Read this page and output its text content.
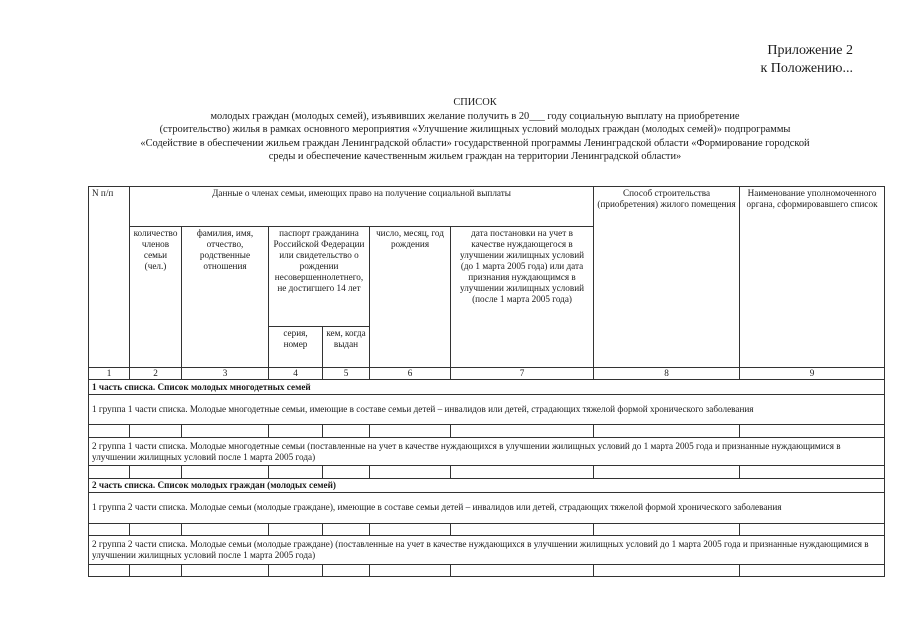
Приложение 2
к Положению...
СПИСОК
молодых граждан (молодых семей), изъявивших желание получить в 20___ году социальную выплату на приобретение
(строительство) жилья в рамках основного мероприятия «Улучшение жилищных условий молодых граждан (молодых семей)» подпрограммы
«Содействие в обеспечении жильем граждан Ленинградской области» государственной программы Ленинградской области «Формирование городской
среды и обеспечение качественным жильем граждан на территории Ленинградской области»
N п/п	Данные о членах семьи, имеющих право на получение социальной выплаты						Способ строительства (приобретения) жилого помещения	Наименование уполномоченного органа, сформировавшего список
	количество членов семьи (чел.)	фамилия, имя, отчество, родственные отношения	паспорт гражданина Российской Федерации или свидетельство о рождении несовершеннолетнего, не достигшего 14 лет		число, месяц, год рождения	дата постановки на учет в качестве нуждающегося в улучшении жилищных условий (до 1 марта 2005 года) или дата признания нуждающимся в улучшении жилищных условий (после 1 марта 2005 года)		
			серия, номер	кем, когда выдан				
1	2	3	4	5	6	7	8	9
1 часть списка. Список молодых многодетных семей								
1 группа 1 части списка. Молодые многодетные семьи, имеющие в составе семьи детей – инвалидов или детей, страдающих тяжелой формой хронического заболевания								

2 группа 1 части списка. Молодые многодетные семьи (поставленные на учет в качестве нуждающихся в улучшении жилищных условий до 1 марта 2005 года и признанные нуждающимися в улучшении жилищных условий после 1 марта 2005 года)								

2 часть списка. Список молодых граждан (молодых семей)								
1 группа 2 части списка. Молодые семьи (молодые граждане), имеющие в составе семьи детей – инвалидов или детей, страдающих тяжелой формой хронического заболевания								

2 группа 2 части списка. Молодые семьи (молодые граждане) (поставленные на учет в качестве нуждающихся в улучшении жилищных условий до 1 марта 2005 года и признанные нуждающимися в улучшении жилищных условий после 1 марта 2005 года)								
